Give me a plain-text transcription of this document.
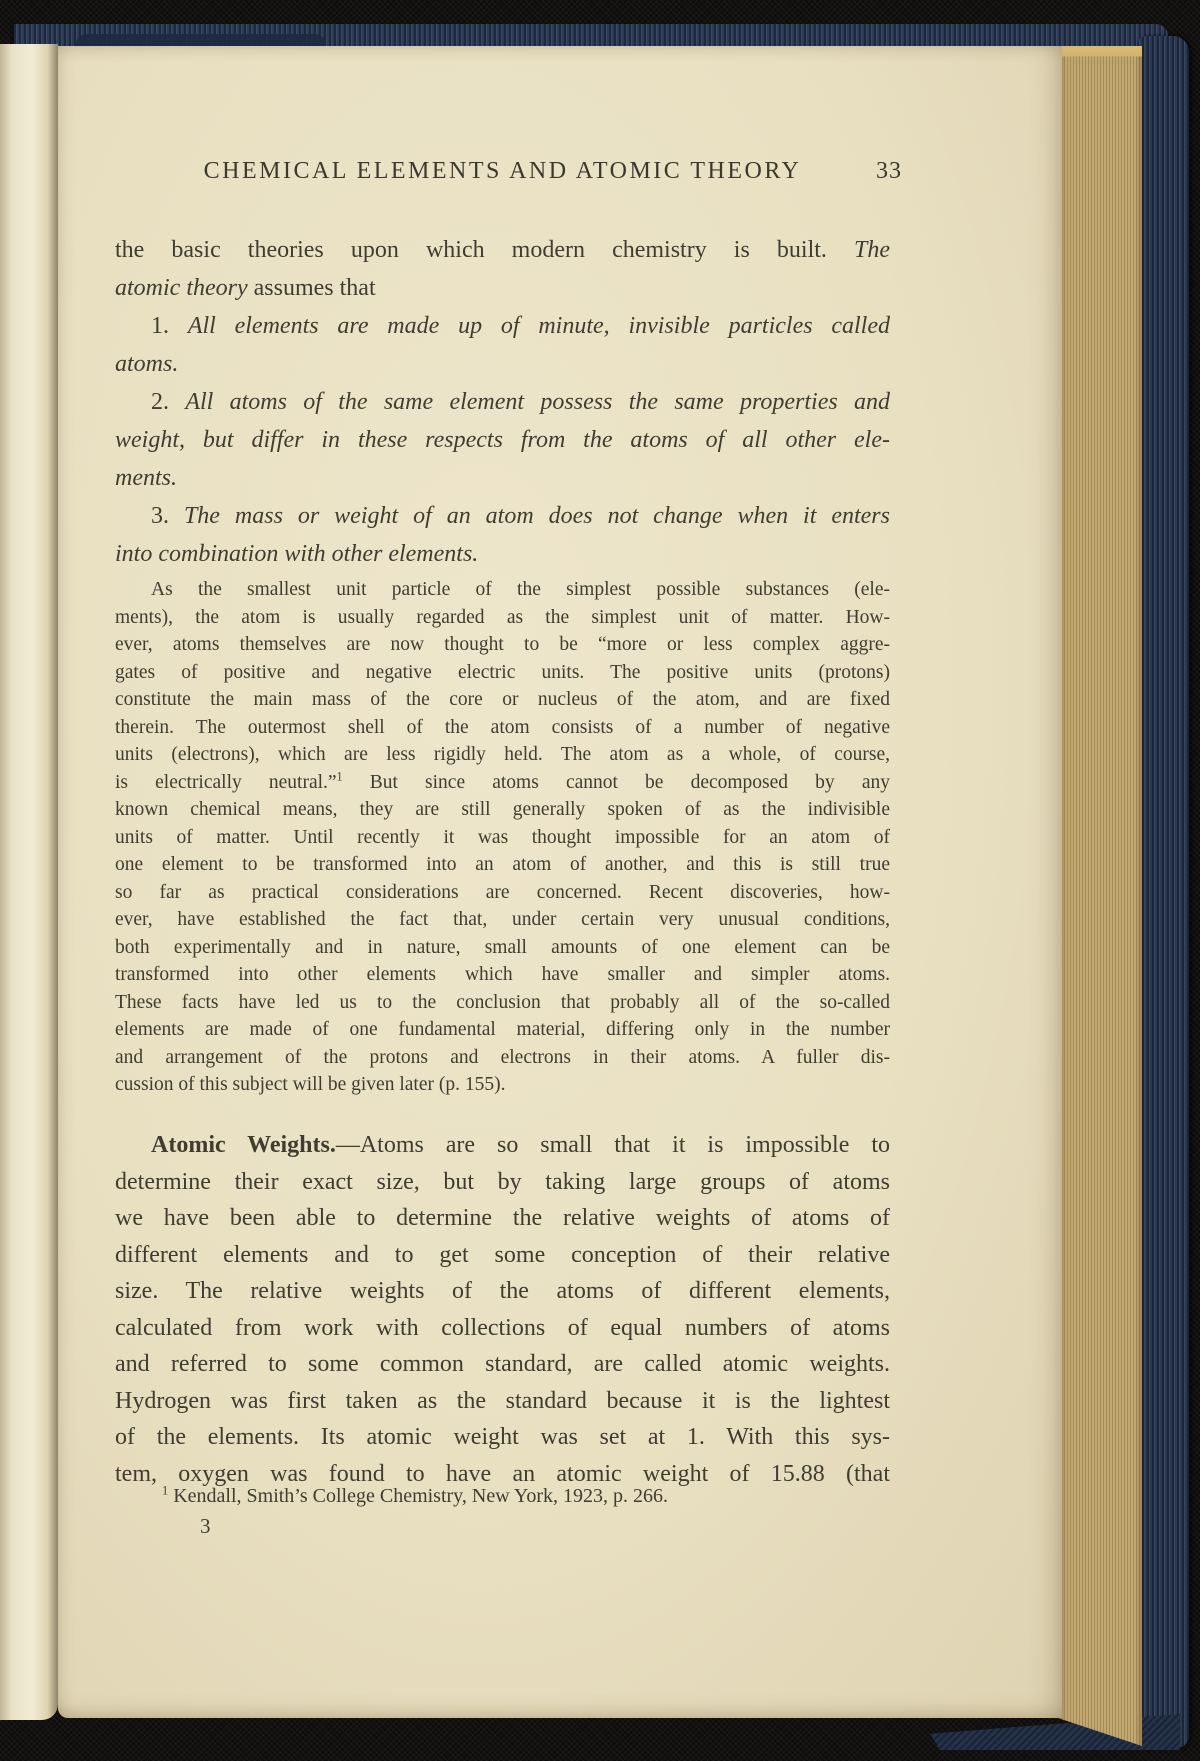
CHEMICAL ELEMENTS AND ATOMIC THEORY	33
the basic theories upon which modern chemistry is built. The
atomic theory assumes that
1. All elements are made up of minute, invisible particles called
atoms.
2. All atoms of the same element possess the same properties and
weight, but differ in these respects from the atoms of all other ele-
ments.
3. The mass or weight of an atom does not change when it enters
into combination with other elements.
As the smallest unit particle of the simplest possible substances (ele-
ments), the atom is usually regarded as the simplest unit of matter. How-
ever, atoms themselves are now thought to be “more or less complex aggre-
gates of positive and negative electric units. The positive units (protons)
constitute the main mass of the core or nucleus of the atom, and are fixed
therein. The outermost shell of the atom consists of a number of negative
units (electrons), which are less rigidly held. The atom as a whole, of course,
is electrically neutral.”$^1$ But since atoms cannot be decomposed by any
known chemical means, they are still generally spoken of as the indivisible
units of matter. Until recently it was thought impossible for an atom of
one element to be transformed into an atom of another, and this is still true
so far as practical considerations are concerned. Recent discoveries, how-
ever, have established the fact that, under certain very unusual conditions,
both experimentally and in nature, small amounts of one element can be
transformed into other elements which have smaller and simpler atoms.
These facts have led us to the conclusion that probably all of the so-called
elements are made of one fundamental material, differing only in the number
and arrangement of the protons and electrons in their atoms. A fuller dis-
cussion of this subject will be given later (p. 155).
Atomic Weights.—Atoms are so small that it is impossible to
determine their exact size, but by taking large groups of atoms
we have been able to determine the relative weights of atoms of
different elements and to get some conception of their relative
size. The relative weights of the atoms of different elements,
calculated from work with collections of equal numbers of atoms
and referred to some common standard, are called atomic weights.
Hydrogen was first taken as the standard because it is the lightest
of the elements. Its atomic weight was set at 1. With this sys-
tem, oxygen was found to have an atomic weight of 15.88 (that
$^1$ Kendall, Smith’s College Chemistry, New York, 1923, p. 266.
3
